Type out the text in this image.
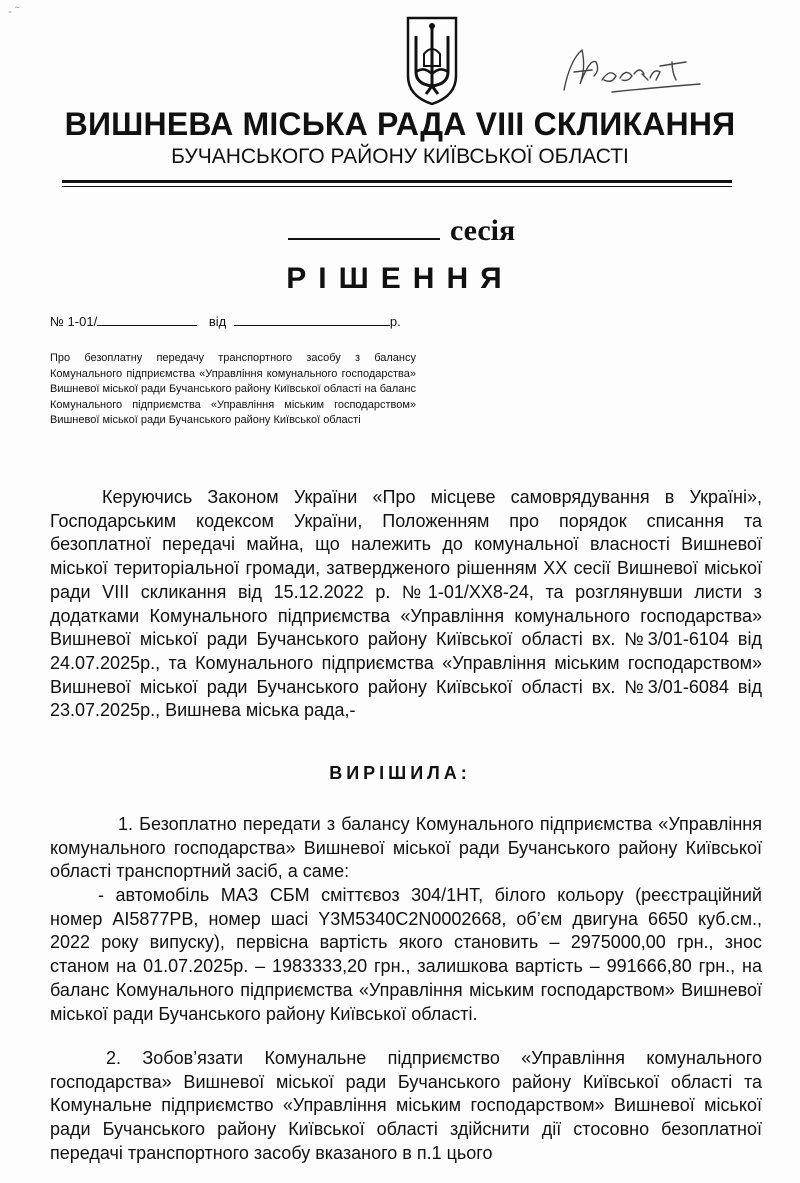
- ˜
ВИШНЕВА МІСЬКА РАДА VIII СКЛИКАННЯ
БУЧАНСЬКОГО РАЙОНУ КИЇВСЬКОЇ ОБЛАСТІ
сесія
РІШЕННЯ
№ 1-01/	від	р.
Про безоплатну передачу транспортного засобу з балансу Комунального підприємства «Управління комунального господарства» Вишневої міської ради Бучанського району Київської області на баланс Комунального підприємства «Управління міським господарством» Вишневої міської ради Бучанського району Київської області
Керуючись Законом України «Про місцеве самоврядування в Україні», Господарським кодексом України, Положенням про порядок списання та безоплатної передачі майна, що належить до комунальної власності Вишневої міської територіальної громади, затвердженого рішенням XX сесії Вишневої міської ради VIII скликання від 15.12.2022 р. №1-01/ХХ8-24, та розглянувши листи з додатками Комунального підприємства «Управління комунального господарства» Вишневої міської ради Бучанського району Київської області вх. №3/01-6104 від 24.07.2025р., та Комунального підприємства «Управління міським господарством» Вишневої міської ради Бучанського району Київської області вх. №3/01-6084 від 23.07.2025р., Вишнева міська рада,-
ВИРІШИЛА:
1. Безоплатно передати з балансу Комунального підприємства «Управління комунального господарства» Вишневої міської ради Бучанського району Київської області транспортний засіб, а саме:
- автомобіль МАЗ СБМ сміттєвоз 304/1НТ, білого кольору (реєстраційний номер АІ5877РВ, номер шасі Y3M5340C2N0002668, об’єм двигуна 6650 куб.см., 2022 року випуску), первісна вартість якого становить – 2975000,00 грн., знос станом на 01.07.2025р. – 1983333,20 грн., залишкова вартість – 991666,80 грн., на баланс Комунального підприємства «Управління міським господарством» Вишневої міської ради Бучанського району Київської області.
2. Зобов’язати Комунальне підприємство «Управління комунального господарства» Вишневої міської ради Бучанського району Київської області та Комунальне підприємство «Управління міським господарством» Вишневої міської ради Бучанського району Київської області здійснити дії стосовно безоплатної передачі транспортного засобу вказаного в п.1 цього
